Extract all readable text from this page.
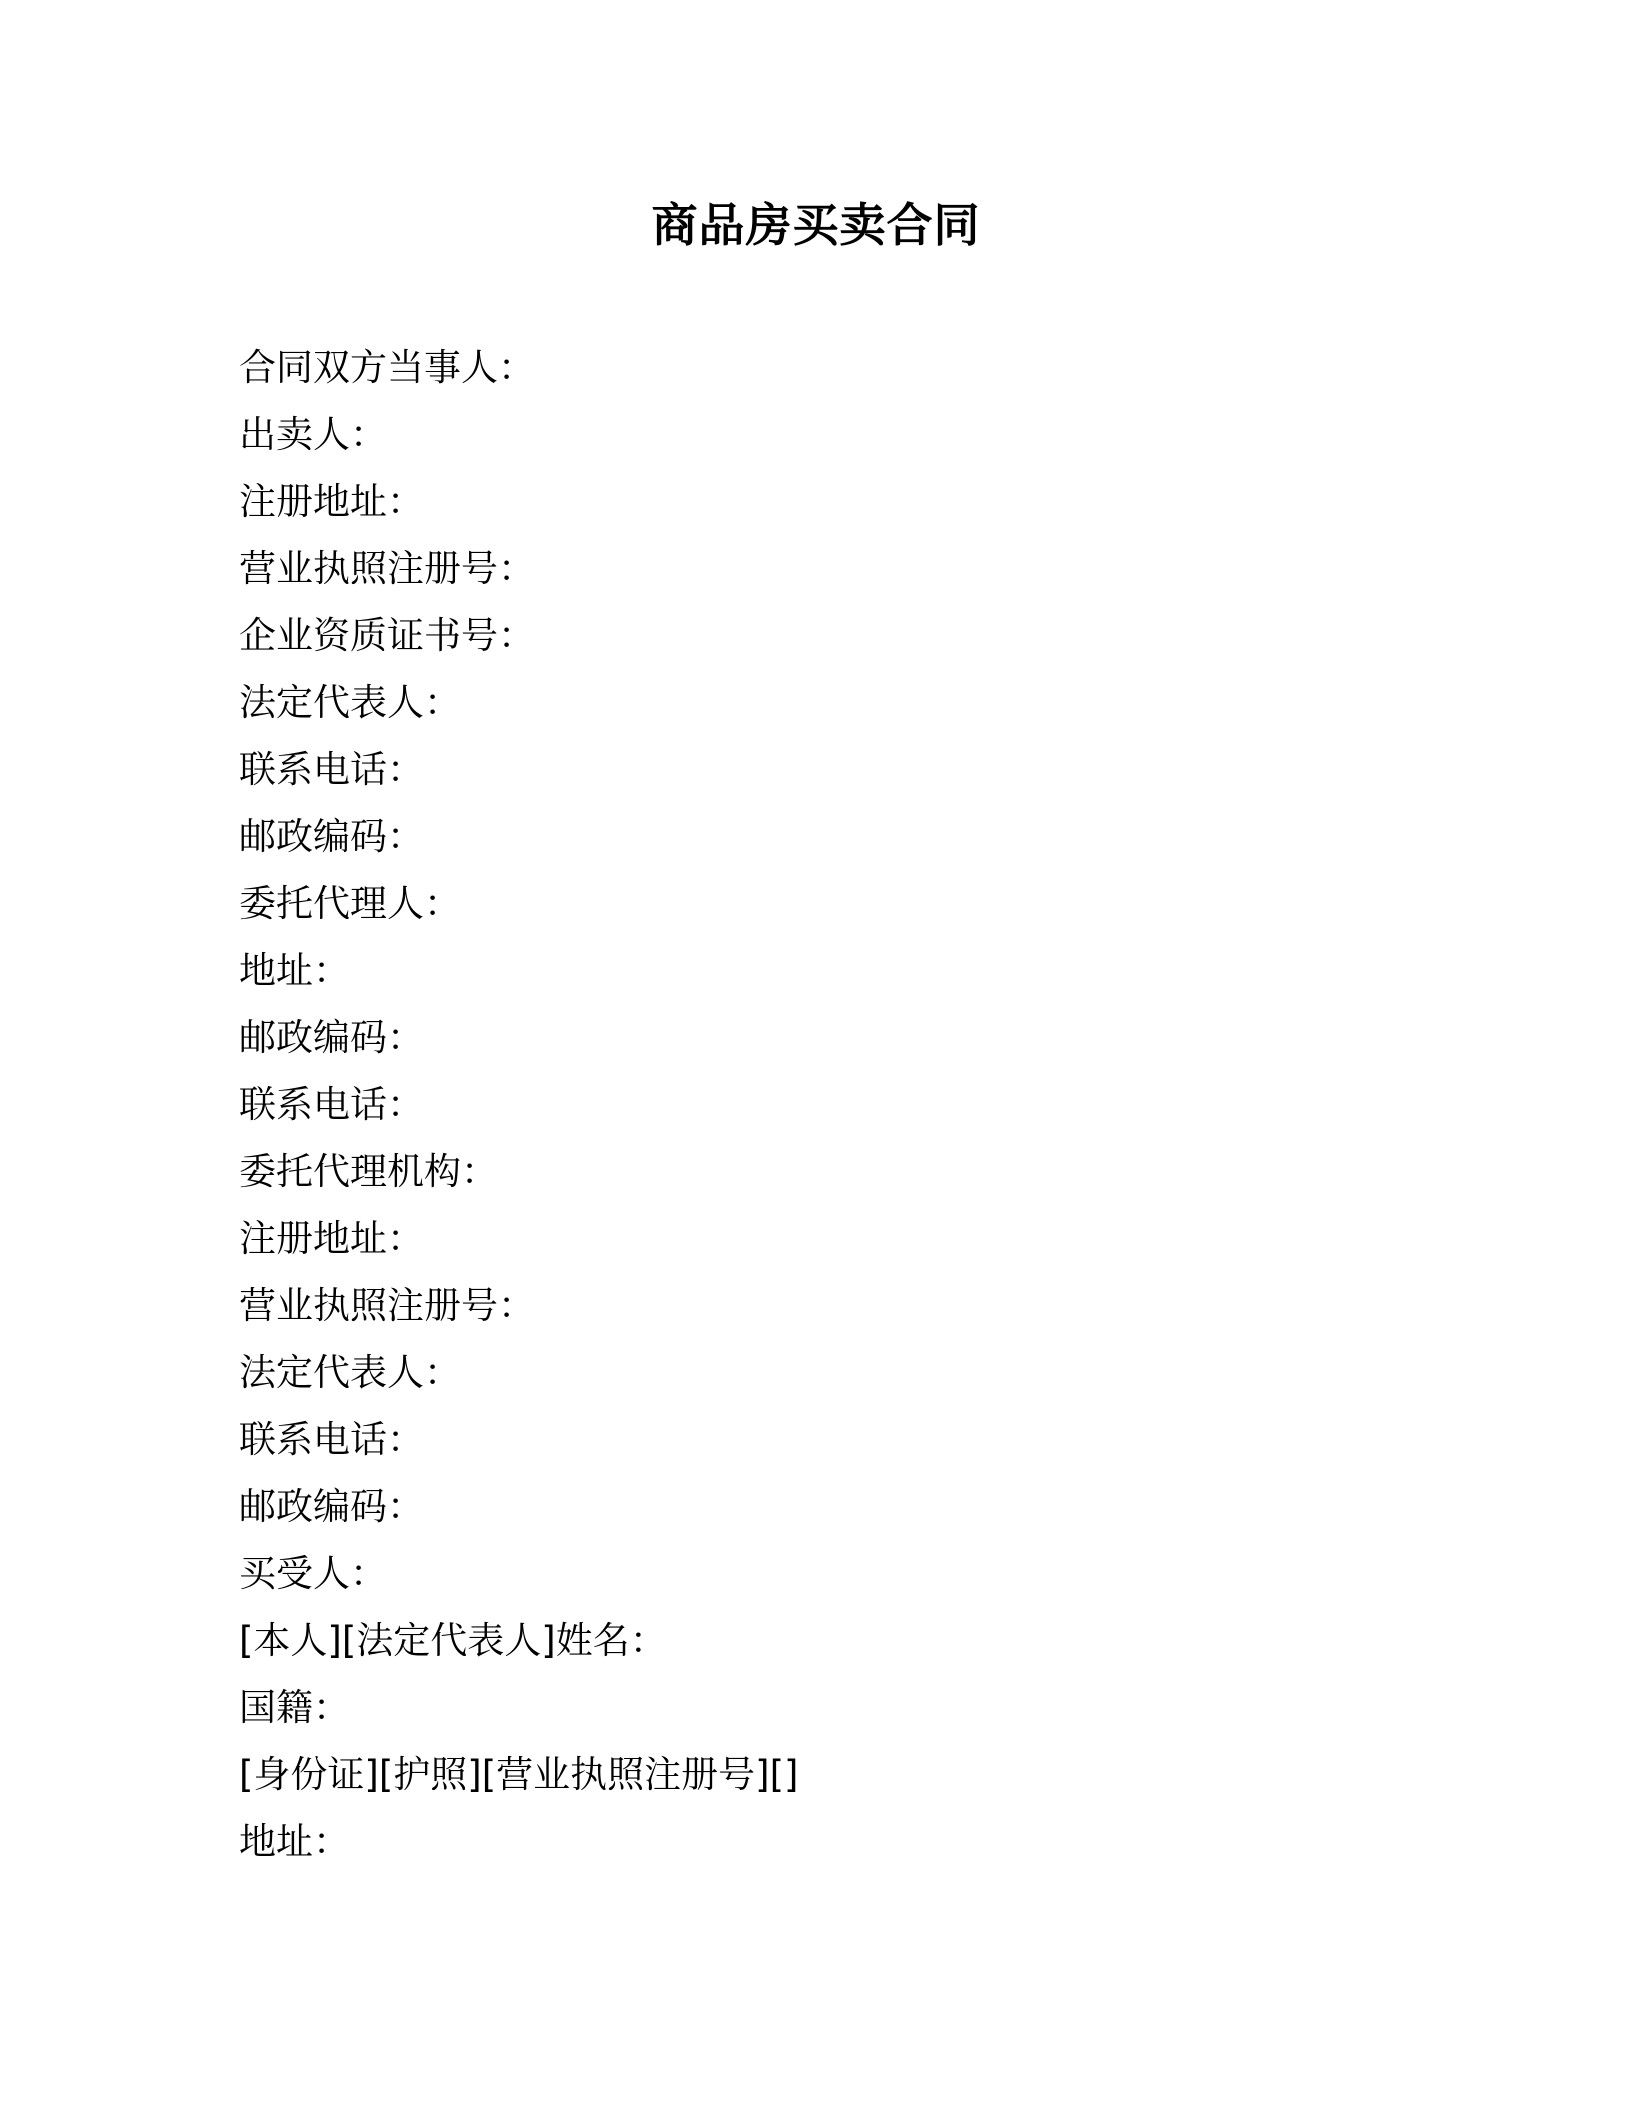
商品房买卖合同
合同双方当事人：
出卖人：
注册地址：
营业执照注册号：
企业资质证书号：
法定代表人：
联系电话：
邮政编码：
委托代理人：
地址：
邮政编码：
联系电话：
委托代理机构：
注册地址：
营业执照注册号：
法定代表人：
联系电话：
邮政编码：
买受人：
[本人][法定代表人]姓名：
国籍：
[身份证][护照][营业执照注册号][]
地址：
